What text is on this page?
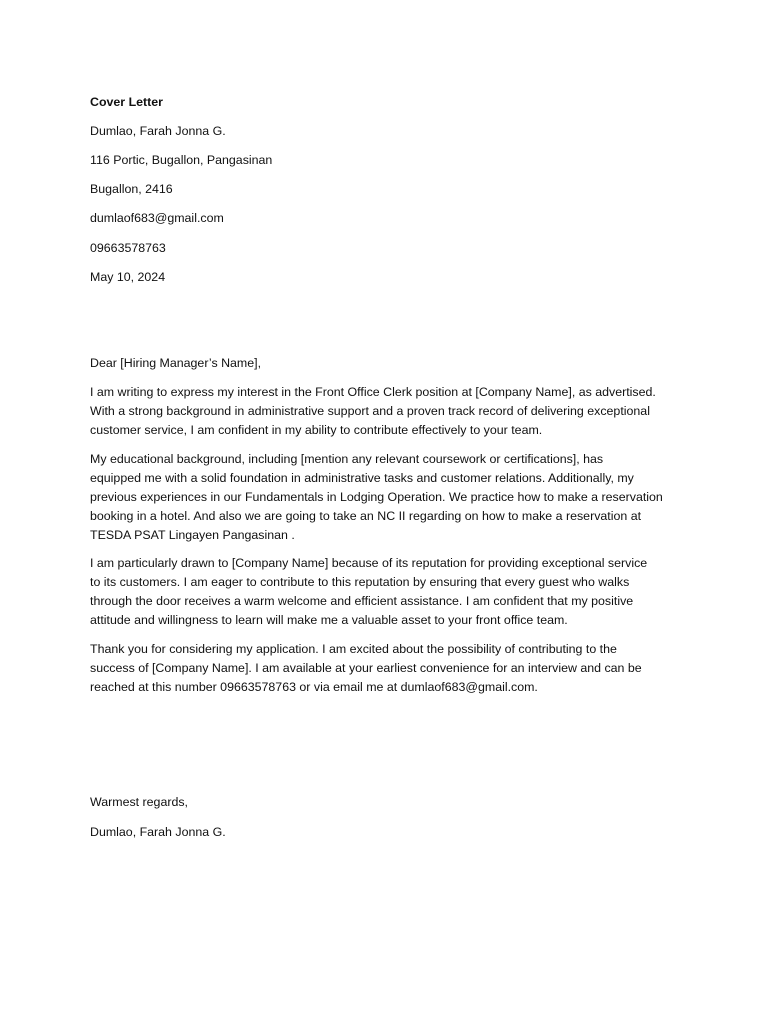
Cover Letter
Dumlao, Farah Jonna G.
116 Portic, Bugallon, Pangasinan
Bugallon, 2416
dumlaof683@gmail.com
09663578763
May 10, 2024
Dear [Hiring Manager’s Name],
I am writing to express my interest in the Front Office Clerk position at [Company Name], as advertised.
With a strong background in administrative support and a proven track record of delivering exceptional
customer service, I am confident in my ability to contribute effectively to your team.
My educational background, including [mention any relevant coursework or certifications], has
equipped me with a solid foundation in administrative tasks and customer relations. Additionally, my
previous experiences in our Fundamentals in Lodging Operation. We practice how to make a reservation
booking in a hotel. And also we are going to take an NC II regarding on how to make a reservation at
TESDA PSAT Lingayen Pangasinan .
I am particularly drawn to [Company Name] because of its reputation for providing exceptional service
to its customers. I am eager to contribute to this reputation by ensuring that every guest who walks
through the door receives a warm welcome and efficient assistance. I am confident that my positive
attitude and willingness to learn will make me a valuable asset to your front office team.
Thank you for considering my application. I am excited about the possibility of contributing to the
success of [Company Name]. I am available at your earliest convenience for an interview and can be
reached at this number 09663578763 or via email me at dumlaof683@gmail.com.
Warmest regards,
Dumlao, Farah Jonna G.
